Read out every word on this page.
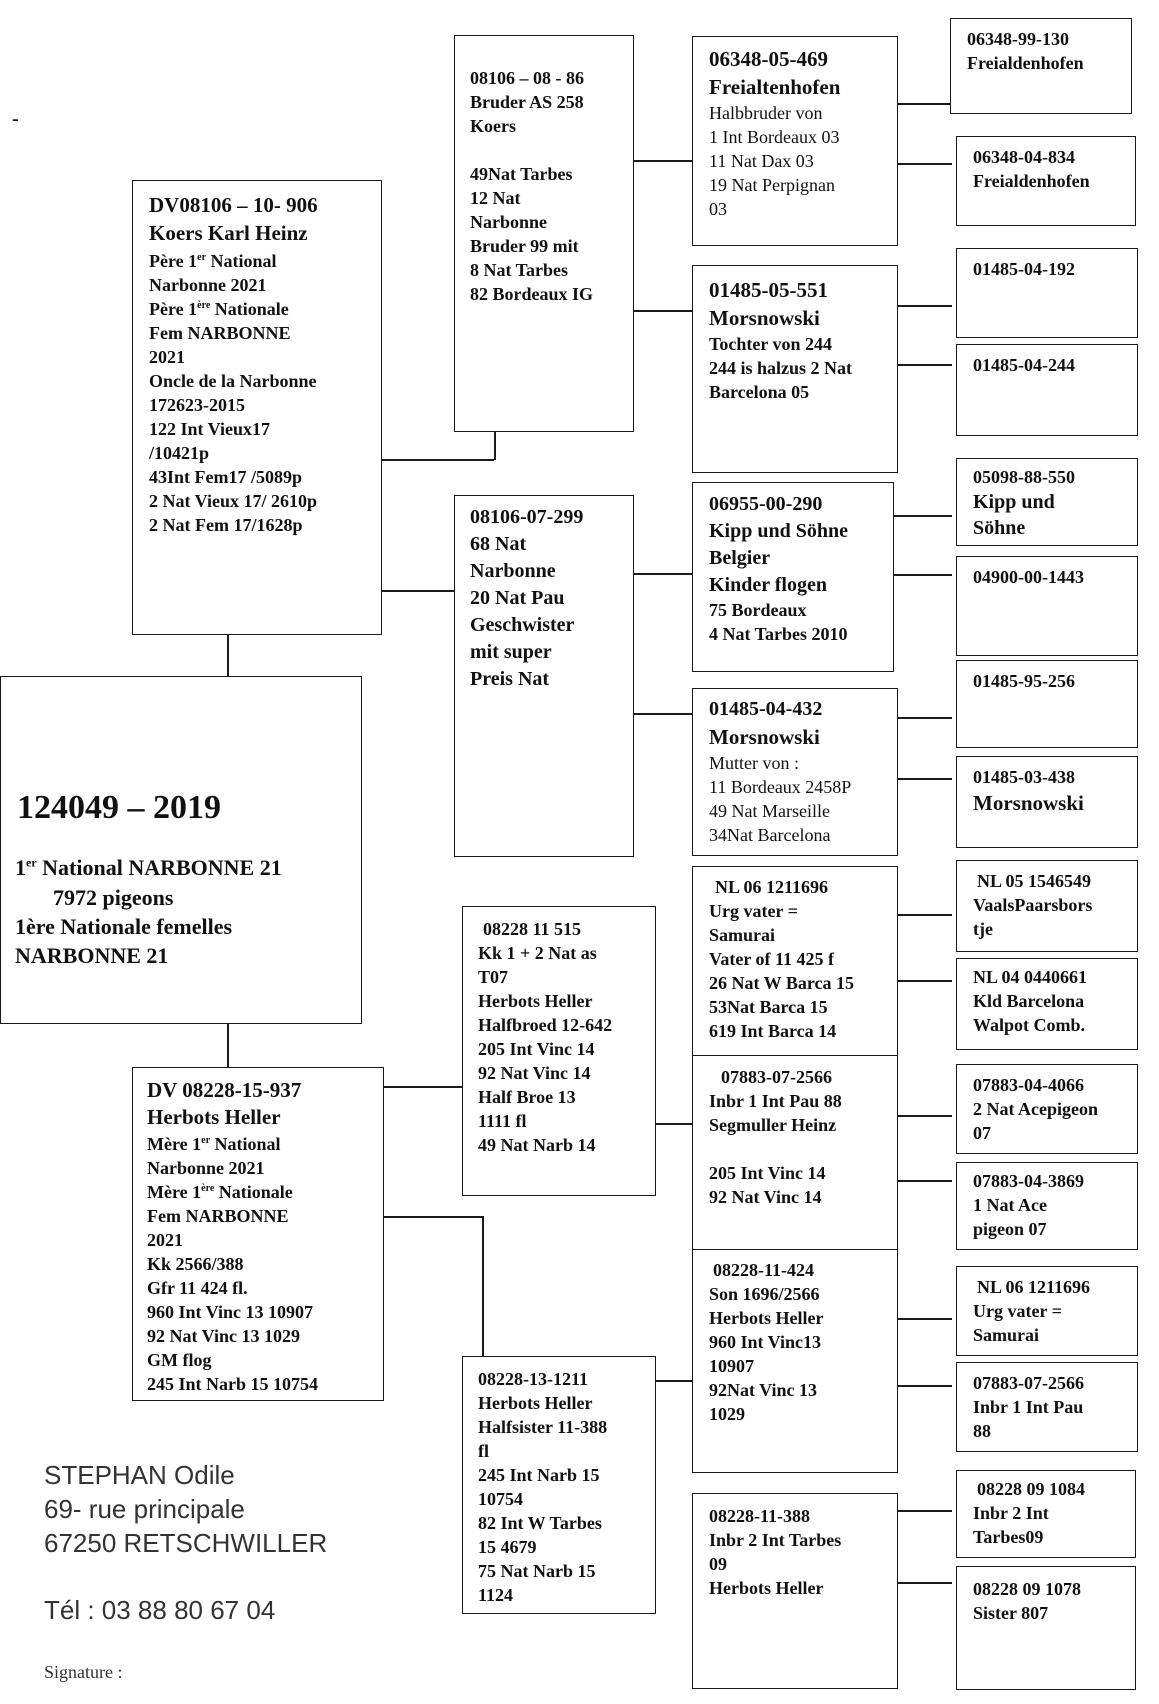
-
124049 – 2019
1er National NARBONNE 21
7972 pigeons
1ère Nationale femelles
NARBONNE 21
DV08106 – 10- 906
Koers Karl Heinz
Père 1er National
Narbonne 2021
Père 1ère Nationale
Fem NARBONNE
2021
Oncle de la Narbonne
172623-2015
122 Int Vieux17
/10421p
43Int Fem17 /5089p
2 Nat Vieux 17/ 2610p
2 Nat Fem 17/1628p
DV 08228-15-937
Herbots Heller
Mère 1er National
Narbonne 2021
Mère 1ère Nationale
Fem NARBONNE
2021
Kk 2566/388
Gfr 11 424 fl.
960 Int Vinc 13 10907
92 Nat Vinc 13 1029
GM flog
245 Int Narb 15 10754
08106 – 08 - 86
Bruder AS 258
Koers
49Nat Tarbes
12 Nat
Narbonne
Bruder 99 mit
8 Nat Tarbes
82 Bordeaux IG
08106-07-299
68 Nat
Narbonne
20 Nat Pau
Geschwister
mit super
Preis Nat
08228 11 515
Kk 1 + 2 Nat as
T07
Herbots Heller
Halfbroed 12-642
205 Int Vinc 14
92 Nat Vinc 14
Half Broe 13
1111 fl
49 Nat Narb 14
08228-13-1211
Herbots Heller
Halfsister 11-388
fl
245 Int Narb 15
10754
82 Int W Tarbes
15 4679
75 Nat Narb 15
1124
06348-05-469
Freialtenhofen
Halbbruder von
1 Int Bordeaux 03
11 Nat Dax 03
19 Nat Perpignan
03
01485-05-551
Morsnowski
Tochter von 244
244 is halzus 2 Nat
Barcelona 05
06955-00-290
Kipp und Söhne
Belgier
Kinder flogen
75 Bordeaux
4 Nat Tarbes 2010
01485-04-432
Morsnowski
Mutter von :
11 Bordeaux 2458P
49 Nat Marseille
34Nat Barcelona
NL 06 1211696
Urg vater =
Samurai
Vater of 11 425 f
26 Nat W Barca 15
53Nat Barca 15
619 Int Barca 14
07883-07-2566
Inbr 1 Int Pau 88
Segmuller Heinz
205 Int Vinc 14
92 Nat Vinc 14
08228-11-424
Son 1696/2566
Herbots Heller
960 Int Vinc13
10907
92Nat Vinc 13
1029
08228-11-388
Inbr 2 Int Tarbes
09
Herbots Heller
06348-99-130
Freialdenhofen
06348-04-834
Freialdenhofen
01485-04-192
01485-04-244
05098-88-550
Kipp und
Söhne
04900-00-1443
01485-95-256
01485-03-438
Morsnowski
NL 05 1546549
VaalsPaarsbors
tje
NL 04 0440661
Kld Barcelona
Walpot Comb.
07883-04-4066
2 Nat Acepigeon
07
07883-04-3869
1 Nat Ace
pigeon 07
NL 06 1211696
Urg vater =
Samurai
07883-07-2566
Inbr 1 Int Pau
88
08228 09 1084
Inbr 2 Int
Tarbes09
08228 09 1078
Sister 807
STEPHAN Odile
69- rue principale
67250 RETSCHWILLER
Tél : 03 88 80 67 04
Signature :
